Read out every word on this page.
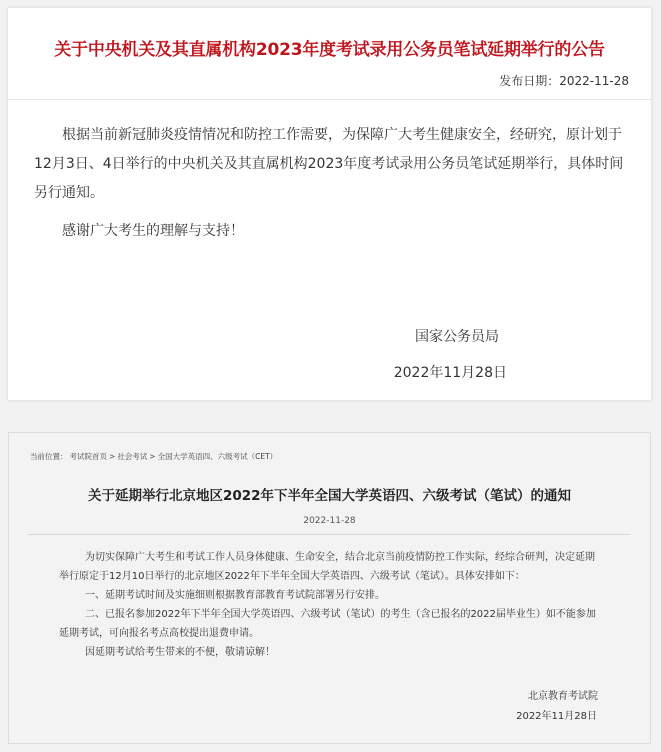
关于中央机关及其直属机构2023年度考试录用公务员笔试延期举行的公告
发布日期：2022-11-28

根据当前新冠肺炎疫情情况和防控工作需要，为保障广大考生健康安全，经研究，原计划于12月3日、4日举行的中央机关及其直属机构2023年度考试录用公务员笔试延期举行，具体时间另行通知。

感谢广大考生的理解与支持！

国家公务员局
2022年11月28日
当前位置： 考试院首页 > 社会考试 > 全国大学英语四、六级考试（CET）
关于延期举行北京地区2022年下半年全国大学英语四、六级考试（笔试）的通知
2022-11-28

为切实保障广大考生和考试工作人员身体健康、生命安全，结合北京当前疫情防控工作实际，经综合研判，决定延期举行原定于12月10日举行的北京地区2022年下半年全国大学英语四、六级考试（笔试）。具体安排如下：

一、延期考试时间及实施细则根据教育部教育考试院部署另行安排。

二、已报名参加2022年下半年全国大学英语四、六级考试（笔试）的考生（含已报名的2022届毕业生）如不能参加延期考试，可向报名考点高校提出退费申请。

因延期考试给考生带来的不便，敬请谅解！

北京教育考试院
2022年11月28日
